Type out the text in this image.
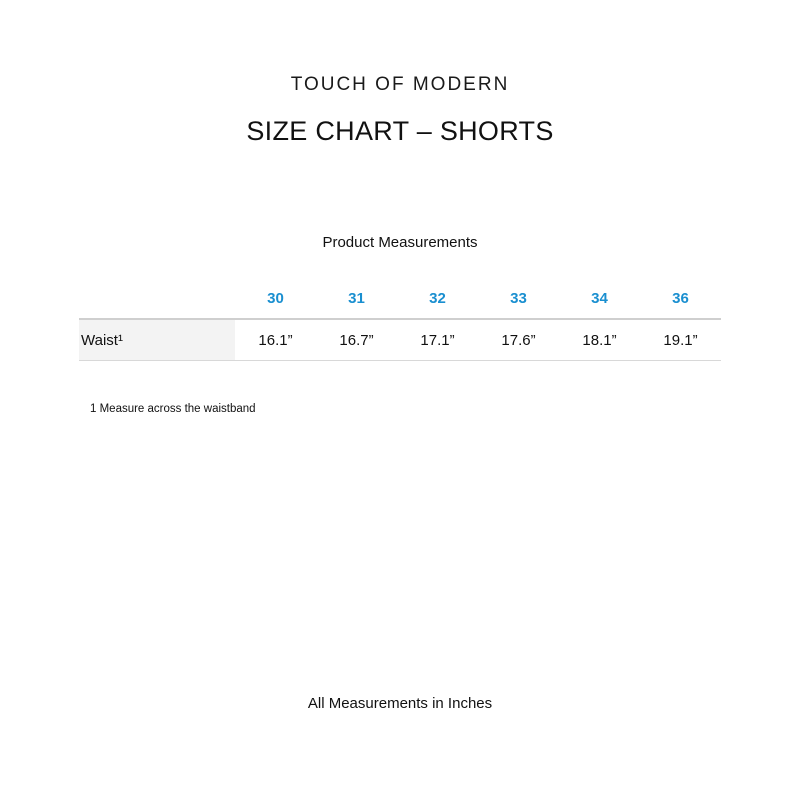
TOUCH OF MODERN
SIZE CHART – SHORTS
Product Measurements
	30	31	32	33	34	36
Waist¹	16.1”	16.7”	17.1”	17.6”	18.1”	19.1”
1 Measure across the waistband
All Measurements in Inches
